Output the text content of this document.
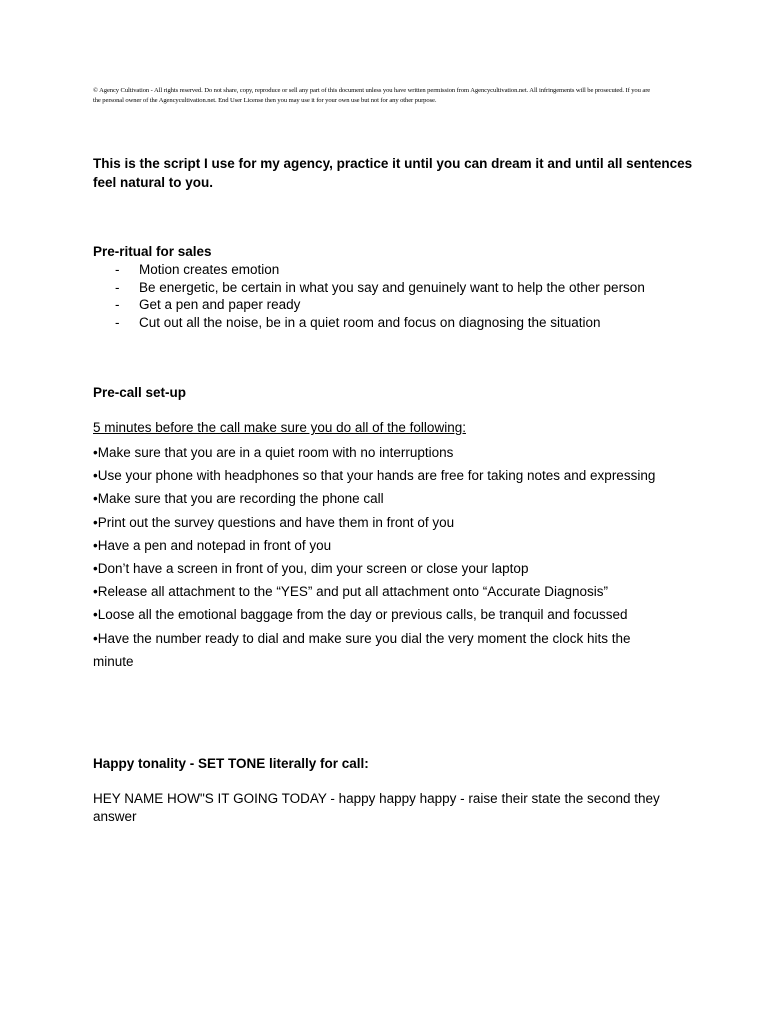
© Agency Cultivation - All rights reserved. Do not share, copy, reproduce or sell any part of this document unless you have written permission from Agencycultivation.net. All infringements will be prosecuted. If you are the personal owner of the Agencycultivation.net. End User License then you may use it for your own use but not for any other purpose.
This is the script I use for my agency, practice it until you can dream it and until all sentences feel natural to you.
Pre-ritual for sales
- Motion creates emotion
- Be energetic, be certain in what you say and genuinely want to help the other person
- Get a pen and paper ready
- Cut out all the noise, be in a quiet room and focus on diagnosing the situation
Pre-call set-up
5 minutes before the call make sure you do all of the following:
•Make sure that you are in a quiet room with no interruptions
•Use your phone with headphones so that your hands are free for taking notes and expressing
•Make sure that you are recording the phone call
•Print out the survey questions and have them in front of you
•Have a pen and notepad in front of you
•Don’t have a screen in front of you, dim your screen or close your laptop
•Release all attachment to the “YES” and put all attachment onto “Accurate Diagnosis”
•Loose all the emotional baggage from the day or previous calls, be tranquil and focussed
•Have the number ready to dial and make sure you dial the very moment the clock hits the minute
Happy tonality - SET TONE literally for call:
HEY NAME HOW"S IT GOING TODAY - happy happy happy - raise their state the second they answer
